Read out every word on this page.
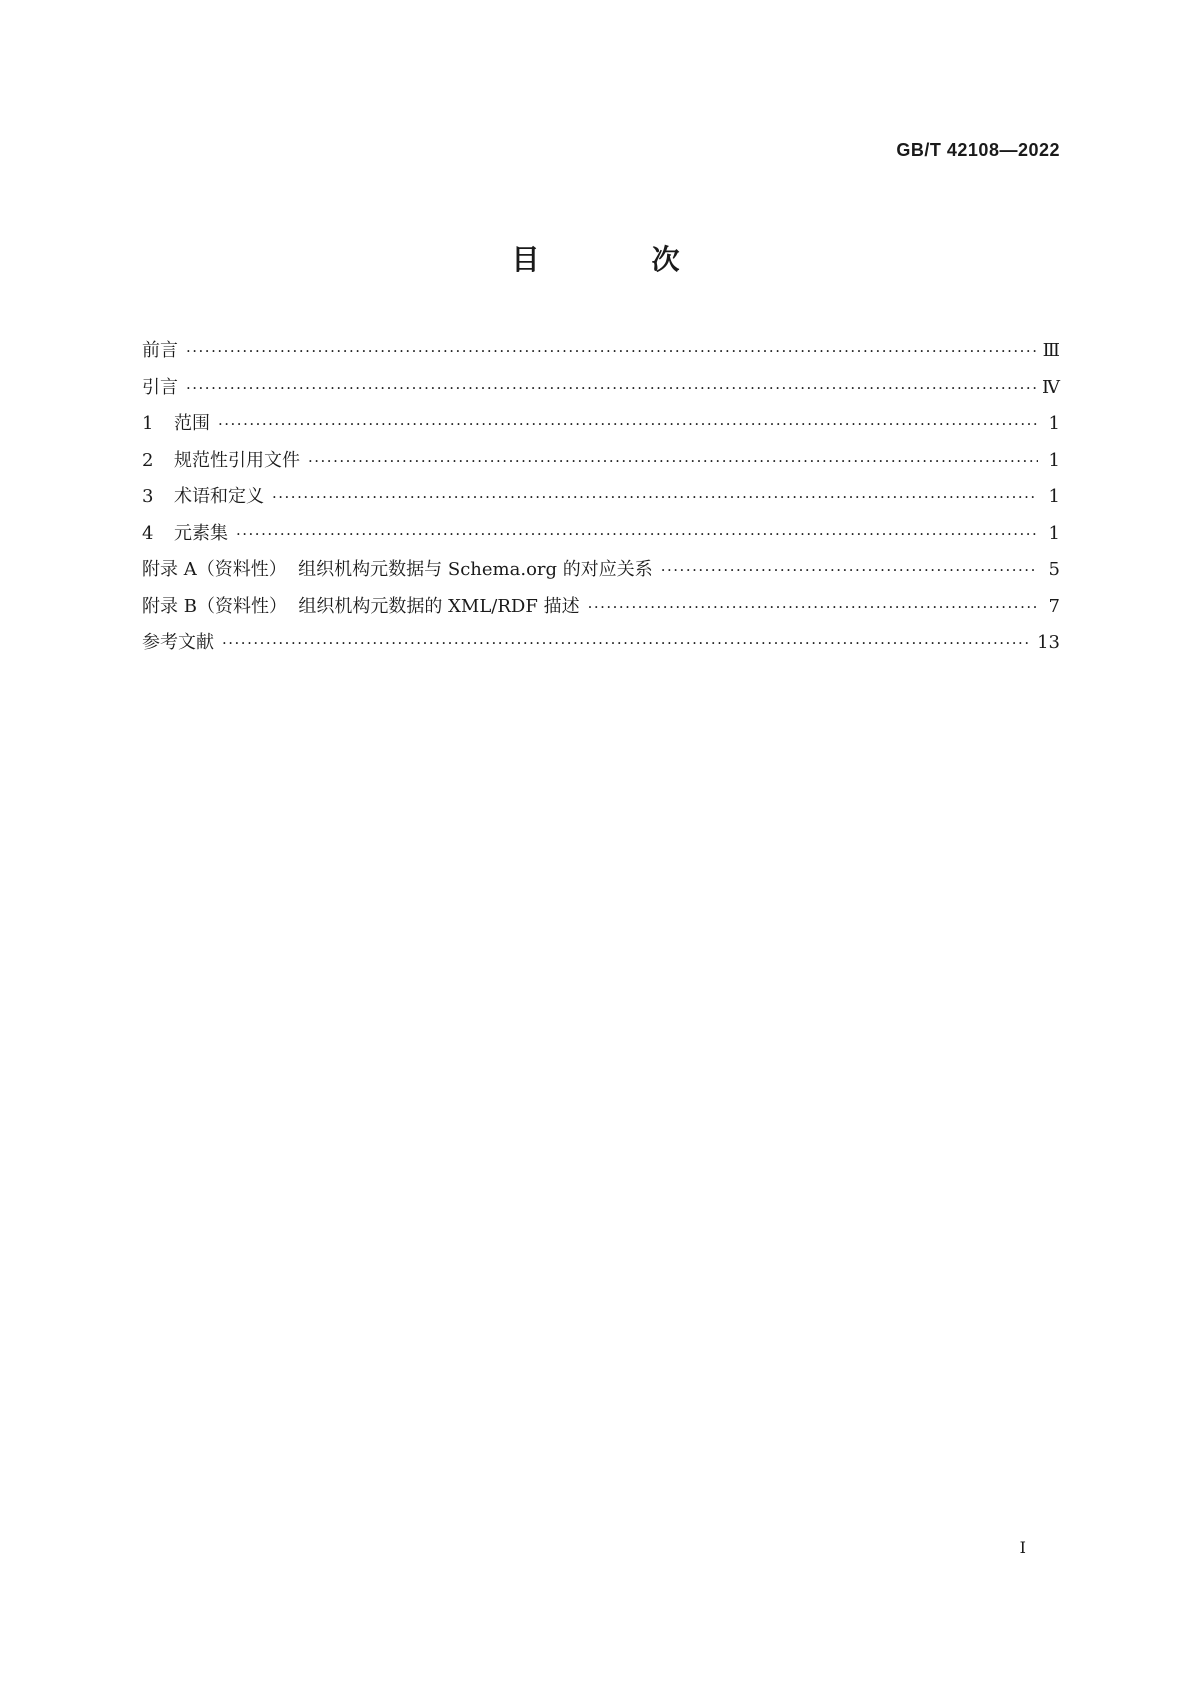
GB/T 42108—2022
目　次
前言 ·····	Ⅲ
引言 ·····	Ⅳ
1	范围 ·····	1
2	规范性引用文件 ·····	1
3	术语和定义 ·····	1
4	元素集 ·····	1
附录 A（资料性）  组织机构元数据与 Schema.org 的对应关系 ·····	5
附录 B（资料性）  组织机构元数据的 XML/RDF 描述 ·····	7
参考文献 ·····	13
Ⅰ
